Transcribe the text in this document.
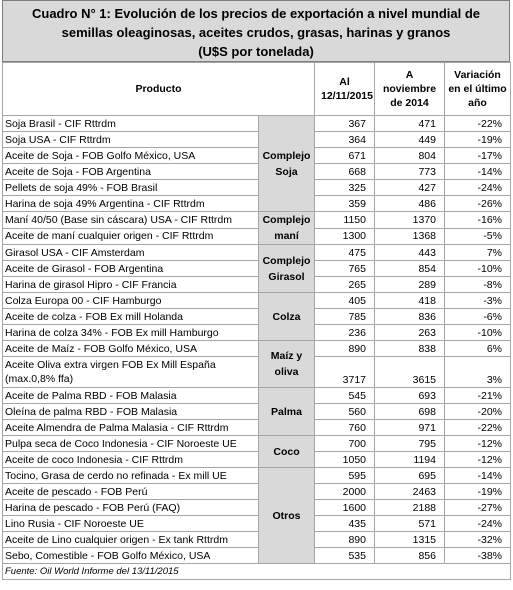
Cuadro N° 1: Evolución de los precios de exportación a nivel mundial de
semillas oleaginosas, aceites crudos, grasas, harinas y granos
(U$S por tonelada)
Producto		Al 12/11/2015	A noviembre de 2014	Variación en el último año
Soja Brasil - CIF Rttrdm	Complejo Soja	367	471	-22%
Soja USA - CIF Rttrdm		364	449	-19%
Aceite de Soja - FOB Golfo México, USA		671	804	-17%
Aceite de Soja - FOB Argentina		668	773	-14%
Pellets de soja 49% - FOB Brasil		325	427	-24%
Harina de soja 49% Argentina - CIF Rttrdm		359	486	-26%
Maní 40/50 (Base sin cáscara) USA - CIF Rttrdm	Complejo maní	1150	1370	-16%
Aceite de maní cualquier origen - CIF Rttrdm		1300	1368	-5%
Girasol USA - CIF Amsterdam	Complejo Girasol	475	443	7%
Aceite de Girasol - FOB Argentina		765	854	-10%
Harina de girasol Hipro - CIF Francia		265	289	-8%
Colza Europa 00 - CIF Hamburgo	Colza	405	418	-3%
Aceite de colza - FOB Ex mill Holanda		785	836	-6%
Harina de colza 34% - FOB Ex mill Hamburgo		236	263	-10%
Aceite de Maíz - FOB Golfo México, USA	Maíz y oliva	890	838	6%
Aceite Oliva extra virgen FOB Ex Mill España (max.0,8% ffa)		3717	3615	3%
Aceite de Palma RBD - FOB Malasia	Palma	545	693	-21%
Oleína de palma RBD - FOB Malasia		560	698	-20%
Aceite Almendra de Palma Malasia - CIF Rttrdm		760	971	-22%
Pulpa seca de Coco Indonesia - CIF Noroeste UE	Coco	700	795	-12%
Aceite de coco Indonesia - CIF Rttrdm		1050	1194	-12%
Tocino, Grasa de cerdo no refinada - Ex mill UE	Otros	595	695	-14%
Aceite de pescado - FOB Perú		2000	2463	-19%
Harina de pescado - FOB Perú (FAQ)		1600	2188	-27%
Lino Rusia - CIF Noroeste UE		435	571	-24%
Aceite de Lino cualquier origen - Ex tank Rttrdm		890	1315	-32%
Sebo, Comestible - FOB Golfo México, USA		535	856	-38%
Fuente: Oil World Informe del 13/11/2015				
